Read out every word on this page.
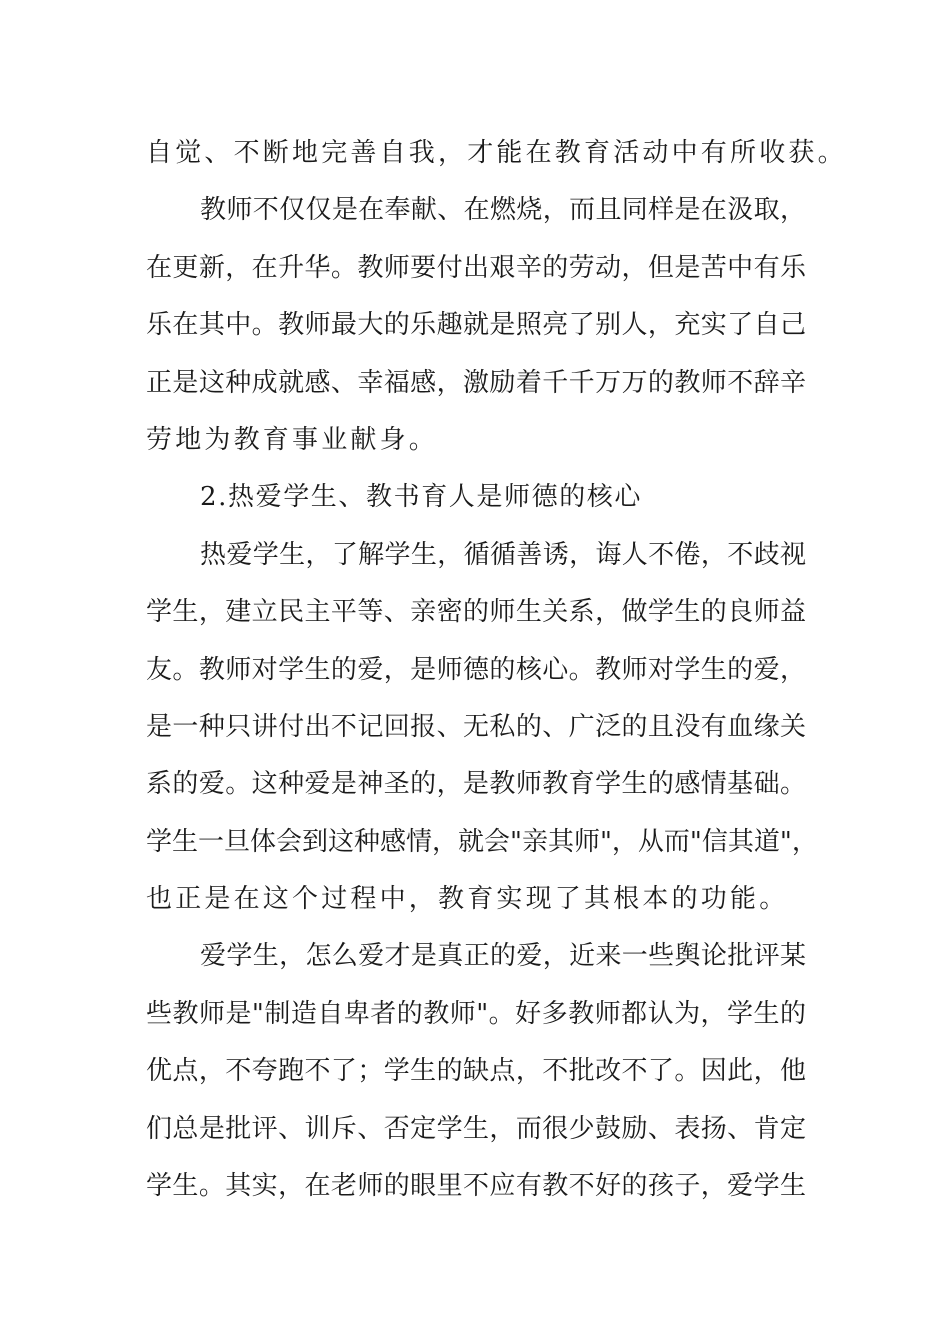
自觉、不断地完善自我，才能在教育活动中有所收获。
教师不仅仅是在奉献、在燃烧，而且同样是在汲取，
在更新，在升华。教师要付出艰辛的劳动，但是苦中有乐
乐在其中。教师最大的乐趣就是照亮了别人，充实了自己
正是这种成就感、幸福感，激励着千千万万的教师不辞辛
劳地为教育事业献身。
2.热爱学生、教书育人是师德的核心
热爱学生，了解学生，循循善诱，诲人不倦，不歧视
学生，建立民主平等、亲密的师生关系，做学生的良师益
友。教师对学生的爱，是师德的核心。教师对学生的爱，
是一种只讲付出不记回报、无私的、广泛的且没有血缘关
系的爱。这种爱是神圣的，是教师教育学生的感情基础。
学生一旦体会到这种感情，就会"亲其师"，从而"信其道"，
也正是在这个过程中，教育实现了其根本的功能。
爱学生，怎么爱才是真正的爱，近来一些舆论批评某
些教师是"制造自卑者的教师"。好多教师都认为，学生的
优点，不夸跑不了；学生的缺点，不批改不了。因此，他
们总是批评、训斥、否定学生，而很少鼓励、表扬、肯定
学生。其实，在老师的眼里不应有教不好的孩子，爱学生
